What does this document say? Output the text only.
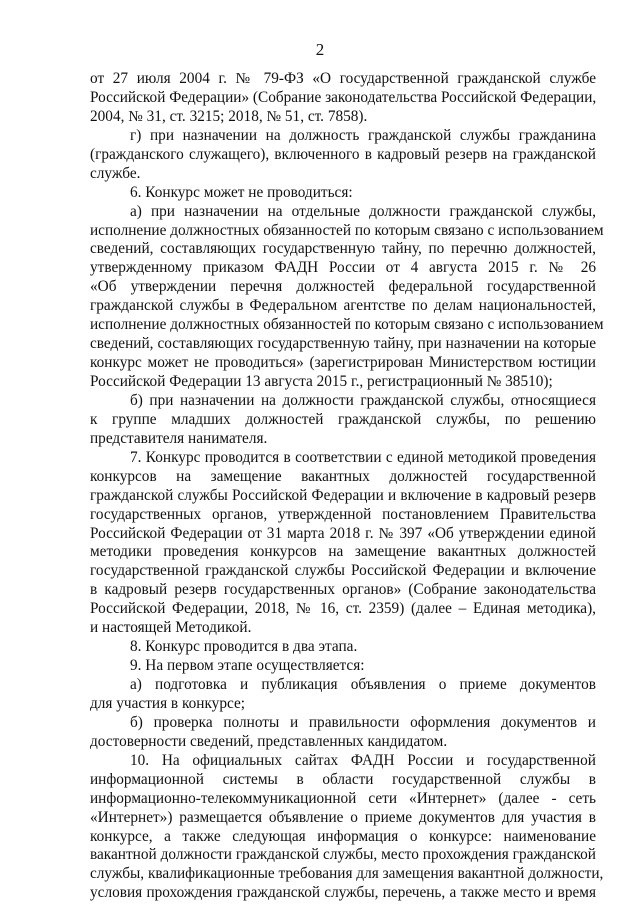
2
от 27 июля 2004 г. № 79-ФЗ «О государственной гражданской службе
Российской Федерации» (Собрание законодательства Российской Федерации,
2004, № 31, ст. 3215; 2018, № 51, ст. 7858).
г) при назначении на должность гражданской службы гражданина
(гражданского служащего), включенного в кадровый резерв на гражданской
службе.
6. Конкурс может не проводиться:
а) при назначении на отдельные должности гражданской службы,
исполнение должностных обязанностей по которым связано с использованием
сведений, составляющих государственную тайну, по перечню должностей,
утвержденному приказом ФАДН России от 4 августа 2015 г. № 26
«Об утверждении перечня должностей федеральной государственной
гражданской службы в Федеральном агентстве по делам национальностей,
исполнение должностных обязанностей по которым связано с использованием
сведений, составляющих государственную тайну, при назначении на которые
конкурс может не проводиться» (зарегистрирован Министерством юстиции
Российской Федерации 13 августа 2015 г., регистрационный № 38510);
б) при назначении на должности гражданской службы, относящиеся
к группе младших должностей гражданской службы, по решению
представителя нанимателя.
7. Конкурс проводится в соответствии с единой методикой проведения
конкурсов на замещение вакантных должностей государственной
гражданской службы Российской Федерации и включение в кадровый резерв
государственных органов, утвержденной постановлением Правительства
Российской Федерации от 31 марта 2018 г. № 397 «Об утверждении единой
методики проведения конкурсов на замещение вакантных должностей
государственной гражданской службы Российской Федерации и включение
в кадровый резерв государственных органов» (Собрание законодательства
Российской Федерации, 2018, № 16, ст. 2359) (далее – Единая методика),
и настоящей Методикой.
8. Конкурс проводится в два этапа.
9. На первом этапе осуществляется:
а) подготовка и публикация объявления о приеме документов
для участия в конкурсе;
б) проверка полноты и правильности оформления документов и
достоверности сведений, представленных кандидатом.
10. На официальных сайтах ФАДН России и государственной
информационной системы в области государственной службы в
информационно-телекоммуникационной сети «Интернет» (далее - сеть
«Интернет») размещается объявление о приеме документов для участия в
конкурсе, а также следующая информация о конкурсе: наименование
вакантной должности гражданской службы, место прохождения гражданской
службы, квалификационные требования для замещения вакантной должности,
условия прохождения гражданской службы, перечень, а также место и время
